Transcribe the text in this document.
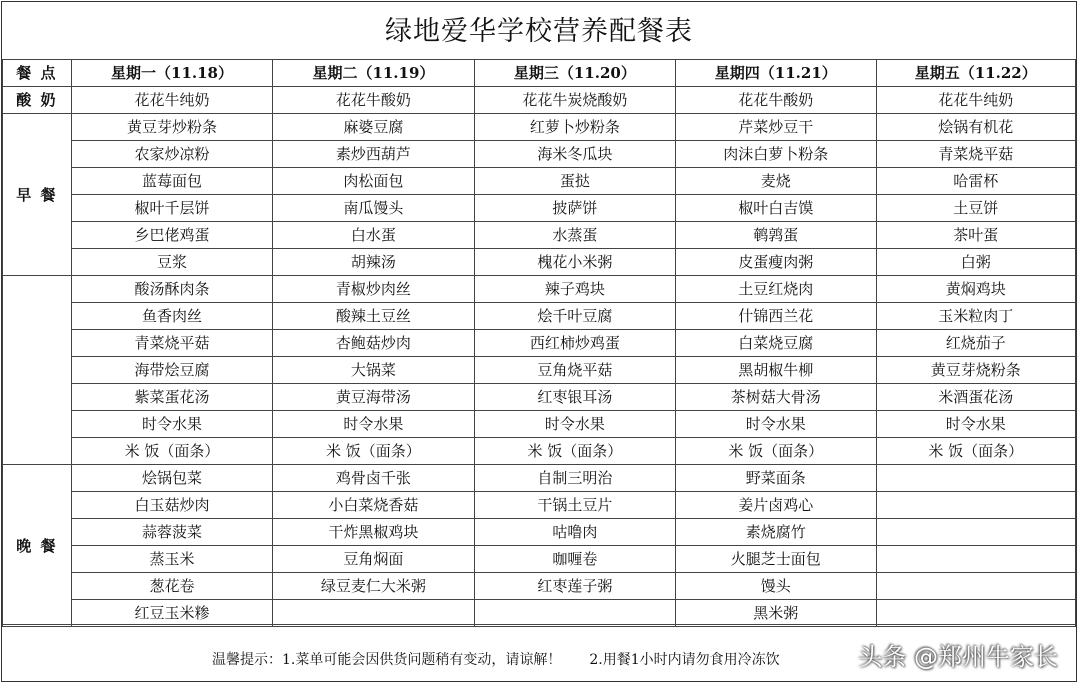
绿地爱华学校营养配餐表
餐 点	星期一（11.18）	星期二（11.19）	星期三（11.20）	星期四（11.21）	星期五（11.22）
酸 奶	花花牛纯奶	花花牛酸奶	花花牛炭烧酸奶	花花牛酸奶	花花牛纯奶
早 餐	黄豆芽炒粉条	麻婆豆腐	红萝卜炒粉条	芹菜炒豆干	烩锅有机花
	农家炒凉粉	素炒西葫芦	海米冬瓜块	肉沫白萝卜粉条	青菜烧平菇
	蓝莓面包	肉松面包	蛋挞	麦烧	哈雷杯
	椒叶千层饼	南瓜馒头	披萨饼	椒叶白吉馍	土豆饼
	乡巴佬鸡蛋	白水蛋	水蒸蛋	鹌鹑蛋	茶叶蛋
	豆浆	胡辣汤	槐花小米粥	皮蛋瘦肉粥	白粥
	酸汤酥肉条	青椒炒肉丝	辣子鸡块	土豆红烧肉	黄焖鸡块
	鱼香肉丝	酸辣土豆丝	烩千叶豆腐	什锦西兰花	玉米粒肉丁
	青菜烧平菇	杏鲍菇炒肉	西红柿炒鸡蛋	白菜烧豆腐	红烧茄子
	海带烩豆腐	大锅菜	豆角烧平菇	黑胡椒牛柳	黄豆芽烧粉条
	紫菜蛋花汤	黄豆海带汤	红枣银耳汤	茶树菇大骨汤	米酒蛋花汤
	时令水果	时令水果	时令水果	时令水果	时令水果
	米 饭（面条）	米 饭（面条）	米 饭（面条）	米 饭（面条）	米 饭（面条）
晚 餐	烩锅包菜	鸡骨卤千张	自制三明治	野菜面条	
	白玉菇炒肉	小白菜烧香菇	干锅土豆片	姜片卤鸡心	
	蒜蓉菠菜	干炸黑椒鸡块	咕噜肉	素烧腐竹	
	蒸玉米	豆角焖面	咖喱卷	火腿芝士面包	
	葱花卷	绿豆麦仁大米粥	红枣莲子粥	馒头	
	红豆玉米糁			黑米粥	
温馨提示：1.菜单可能会因供货问题稍有变动，请谅解！ 2.用餐1小时内请勿食用冷冻饮	头条 @郑州牛家长
